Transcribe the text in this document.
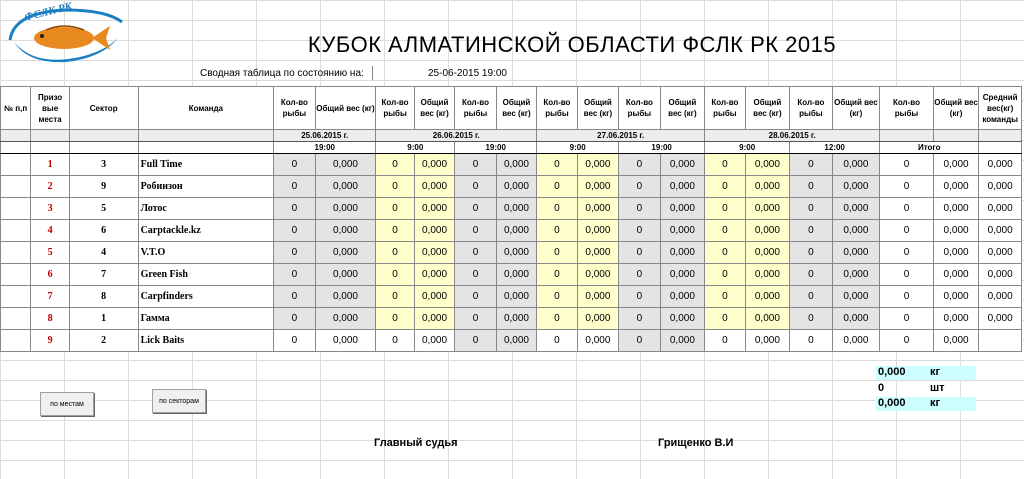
ФСЛК РК
КУБОК АЛМАТИНСКОЙ ОБЛАСТИ ФСЛК РК 2015
Сводная таблица по состоянию на:	25-06-2015 19:00
№ п,п	Призо выe места	Сектор	Команда	Кол-во рыбы	Общий вес (кг)	Кол-во рыбы	Общий вес (кг)	Кол-во рыбы	Общий вес (кг)	Кол-во рыбы	Общий вес (кг)	Кол-во рыбы	Общий вес (кг)	Кол-во рыбы	Общий вес (кг)	Кол-во рыбы	Общий вес (кг)	Кол-во рыбы	Общий вес (кг)	Средний вес(кг) команды
				25.06.2015 г.		26.06.2015 г.				27.06.2015 г.				28.06.2015 г.						
				19:00		9:00		19:00		9:00		19:00		9:00		12:00		Итого		
	1	3	Full Time	0	0,000	0	0,000	0	0,000	0	0,000	0	0,000	0	0,000	0	0,000	0	0,000	0,000
	2	9	Робинзон	0	0,000	0	0,000	0	0,000	0	0,000	0	0,000	0	0,000	0	0,000	0	0,000	0,000
	3	5	Лотос	0	0,000	0	0,000	0	0,000	0	0,000	0	0,000	0	0,000	0	0,000	0	0,000	0,000
	4	6	Carptackle.kz	0	0,000	0	0,000	0	0,000	0	0,000	0	0,000	0	0,000	0	0,000	0	0,000	0,000
	5	4	V.T.O	0	0,000	0	0,000	0	0,000	0	0,000	0	0,000	0	0,000	0	0,000	0	0,000	0,000
	6	7	Green Fish	0	0,000	0	0,000	0	0,000	0	0,000	0	0,000	0	0,000	0	0,000	0	0,000	0,000
	7	8	Carpfinders	0	0,000	0	0,000	0	0,000	0	0,000	0	0,000	0	0,000	0	0,000	0	0,000	0,000
	8	1	Гамма	0	0,000	0	0,000	0	0,000	0	0,000	0	0,000	0	0,000	0	0,000	0	0,000	0,000
	9	2	Lick Baits	0	0,000	0	0,000	0	0,000	0	0,000	0	0,000	0	0,000	0	0,000	0	0,000	
по местам	по секторам
0,000 кг
0	шт
0,000 кг
Главный судья	Грищенко В.И
